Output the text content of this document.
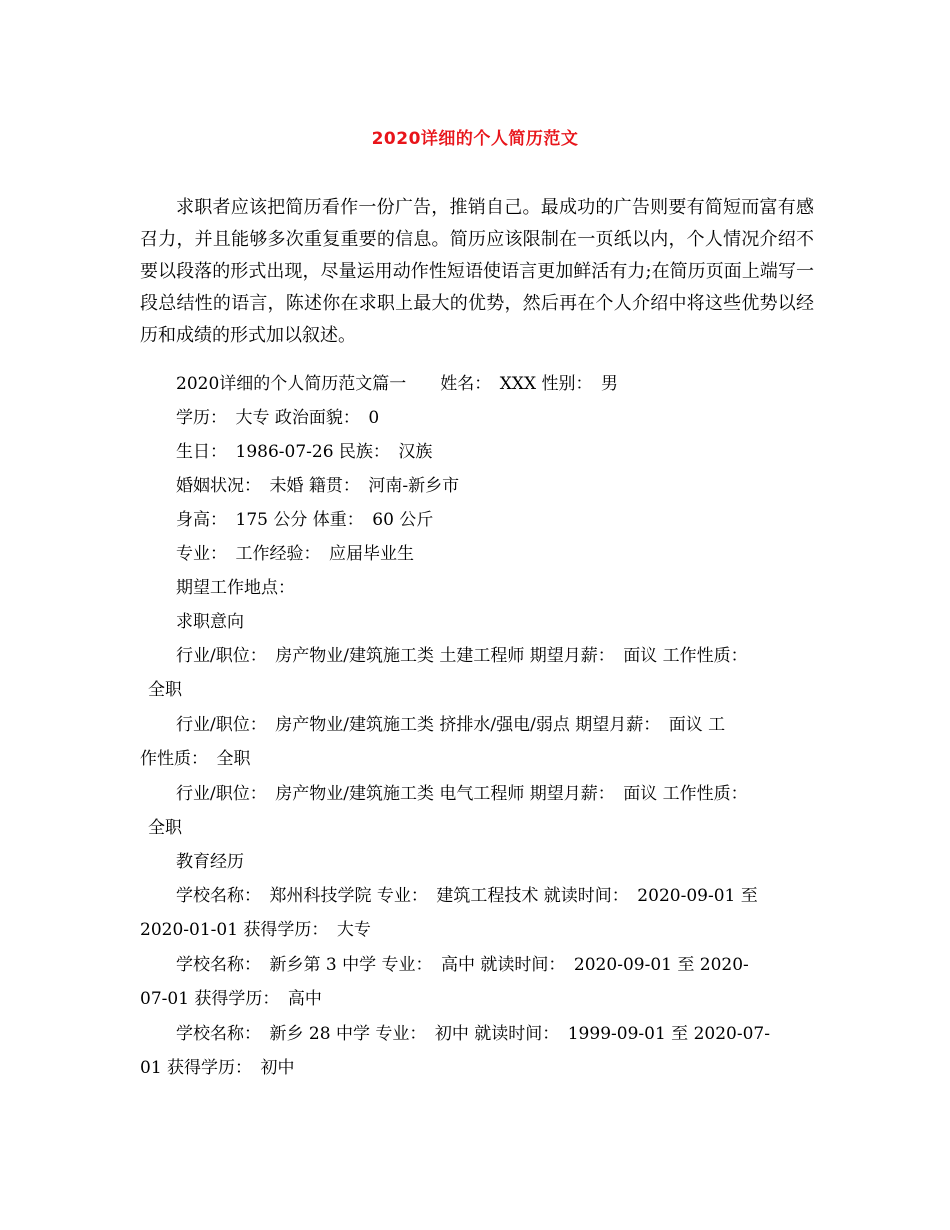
2020详细的个人简历范文

求职者应该把简历看作一份广告，推销自己。最成功的广告则要有简短而富有感召力，并且能够多次重复重要的信息。简历应该限制在一页纸以内，个人情况介绍不要以段落的形式出现，尽量运用动作性短语使语言更加鲜活有力;在简历页面上端写一段总结性的语言，陈述你在求职上最大的优势，然后再在个人介绍中将这些优势以经历和成绩的形式加以叙述。

2020详细的个人简历范文篇一　　姓名：　XXX 性别：　男

学历：　大专 政治面貌：　0

生日：　1986-07-26 民族：　汉族

婚姻状况：　未婚 籍贯：　河南-新乡市

身高：　175 公分 体重：　60 公斤

专业：　工作经验：　应届毕业生

期望工作地点：

求职意向

行业/职位：　房产物业/建筑施工类 土建工程师 期望月薪：　面议 工作性质：

全职

行业/职位：　房产物业/建筑施工类 挤排水/强电/弱点 期望月薪：　面议 工

作性质：　全职

行业/职位：　房产物业/建筑施工类 电气工程师 期望月薪：　面议 工作性质：

全职

教育经历

学校名称：　郑州科技学院 专业：　建筑工程技术 就读时间：　2020-09-01 至

2020-01-01 获得学历：　大专

学校名称：　新乡第 3 中学 专业：　高中 就读时间：　2020-09-01 至 2020-

07-01 获得学历：　高中

学校名称：　新乡 28 中学 专业：　初中 就读时间：　1999-09-01 至 2020-07-

01 获得学历：　初中
